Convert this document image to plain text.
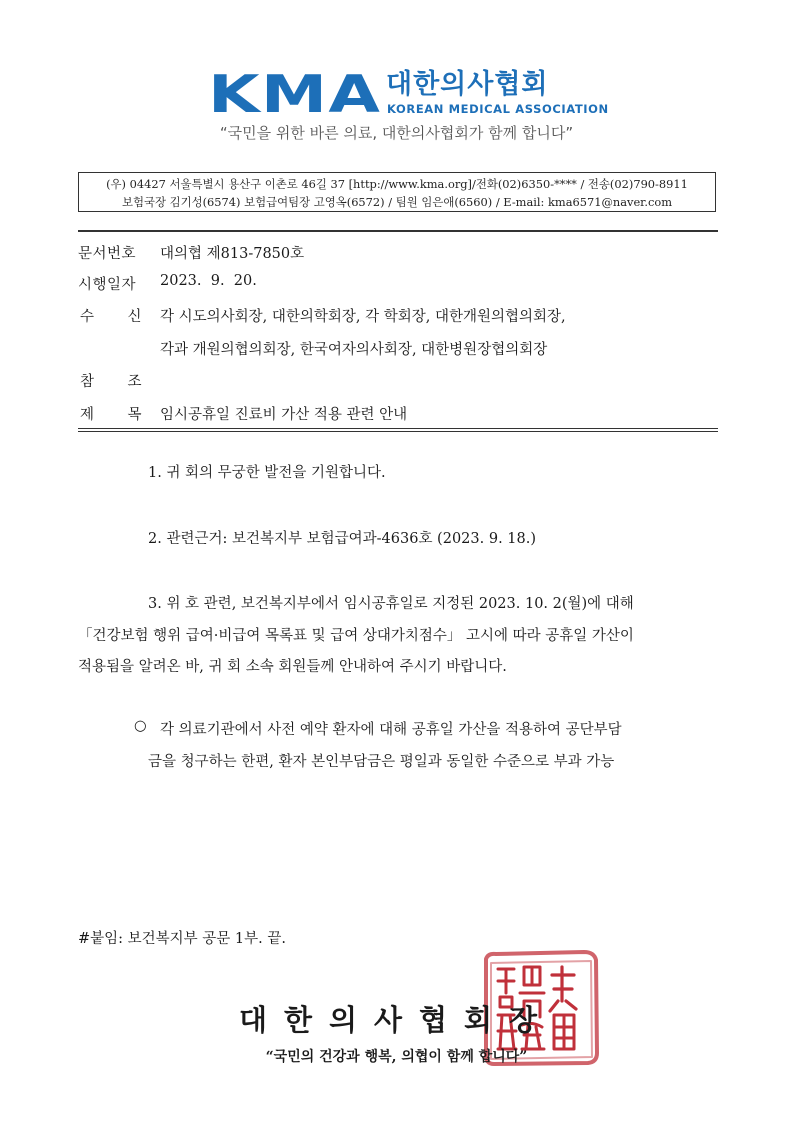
KMA 대한의사협회
KOREAN MEDICAL ASSOCIATION
“국민을 위한 바른 의료, 대한의사협회가 함께 합니다”
(우) 04427 서울특별시 용산구 이촌로 46길 37 [http://www.kma.org]/전화(02)6350-**** / 전송(02)790-8911
보험국장 김기성(6574) 보험급여팀장 고영옥(6572) / 팀원 임은애(6560) / E-mail: kma6571@naver.com
문서번호 대의협 제813-7850호
시행일자 2023.  9.  20.
수 신 각 시도의사회장, 대한의학회장, 각 학회장, 대한개원의협의회장,
각과 개원의협의회장, 한국여자의사회장, 대한병원장협의회장
참 조
제 목 임시공휴일 진료비 가산 적용 관련 안내
1. 귀 회의 무궁한 발전을 기원합니다.
2. 관련근거: 보건복지부 보험급여과-4636호 (2023. 9. 18.)
3. 위 호 관련, 보건복지부에서 임시공휴일로 지정된 2023. 10. 2(월)에 대해
「건강보험 행위 급여·비급여 목록표 및 급여 상대가치점수」 고시에 따라 공휴일 가산이
적용됨을 알려온 바, 귀 회 소속 회원들께 안내하여 주시기 바랍니다.
○ 각 의료기관에서 사전 예약 환자에 대해 공휴일 가산을 적용하여 공단부담
금을 청구하는 한편, 환자 본인부담금은 평일과 동일한 수준으로 부과 가능
#붙임: 보건복지부 공문 1부. 끝.
대한의사협회장
“국민의 건강과 행복, 의협이 함께 합니다”
